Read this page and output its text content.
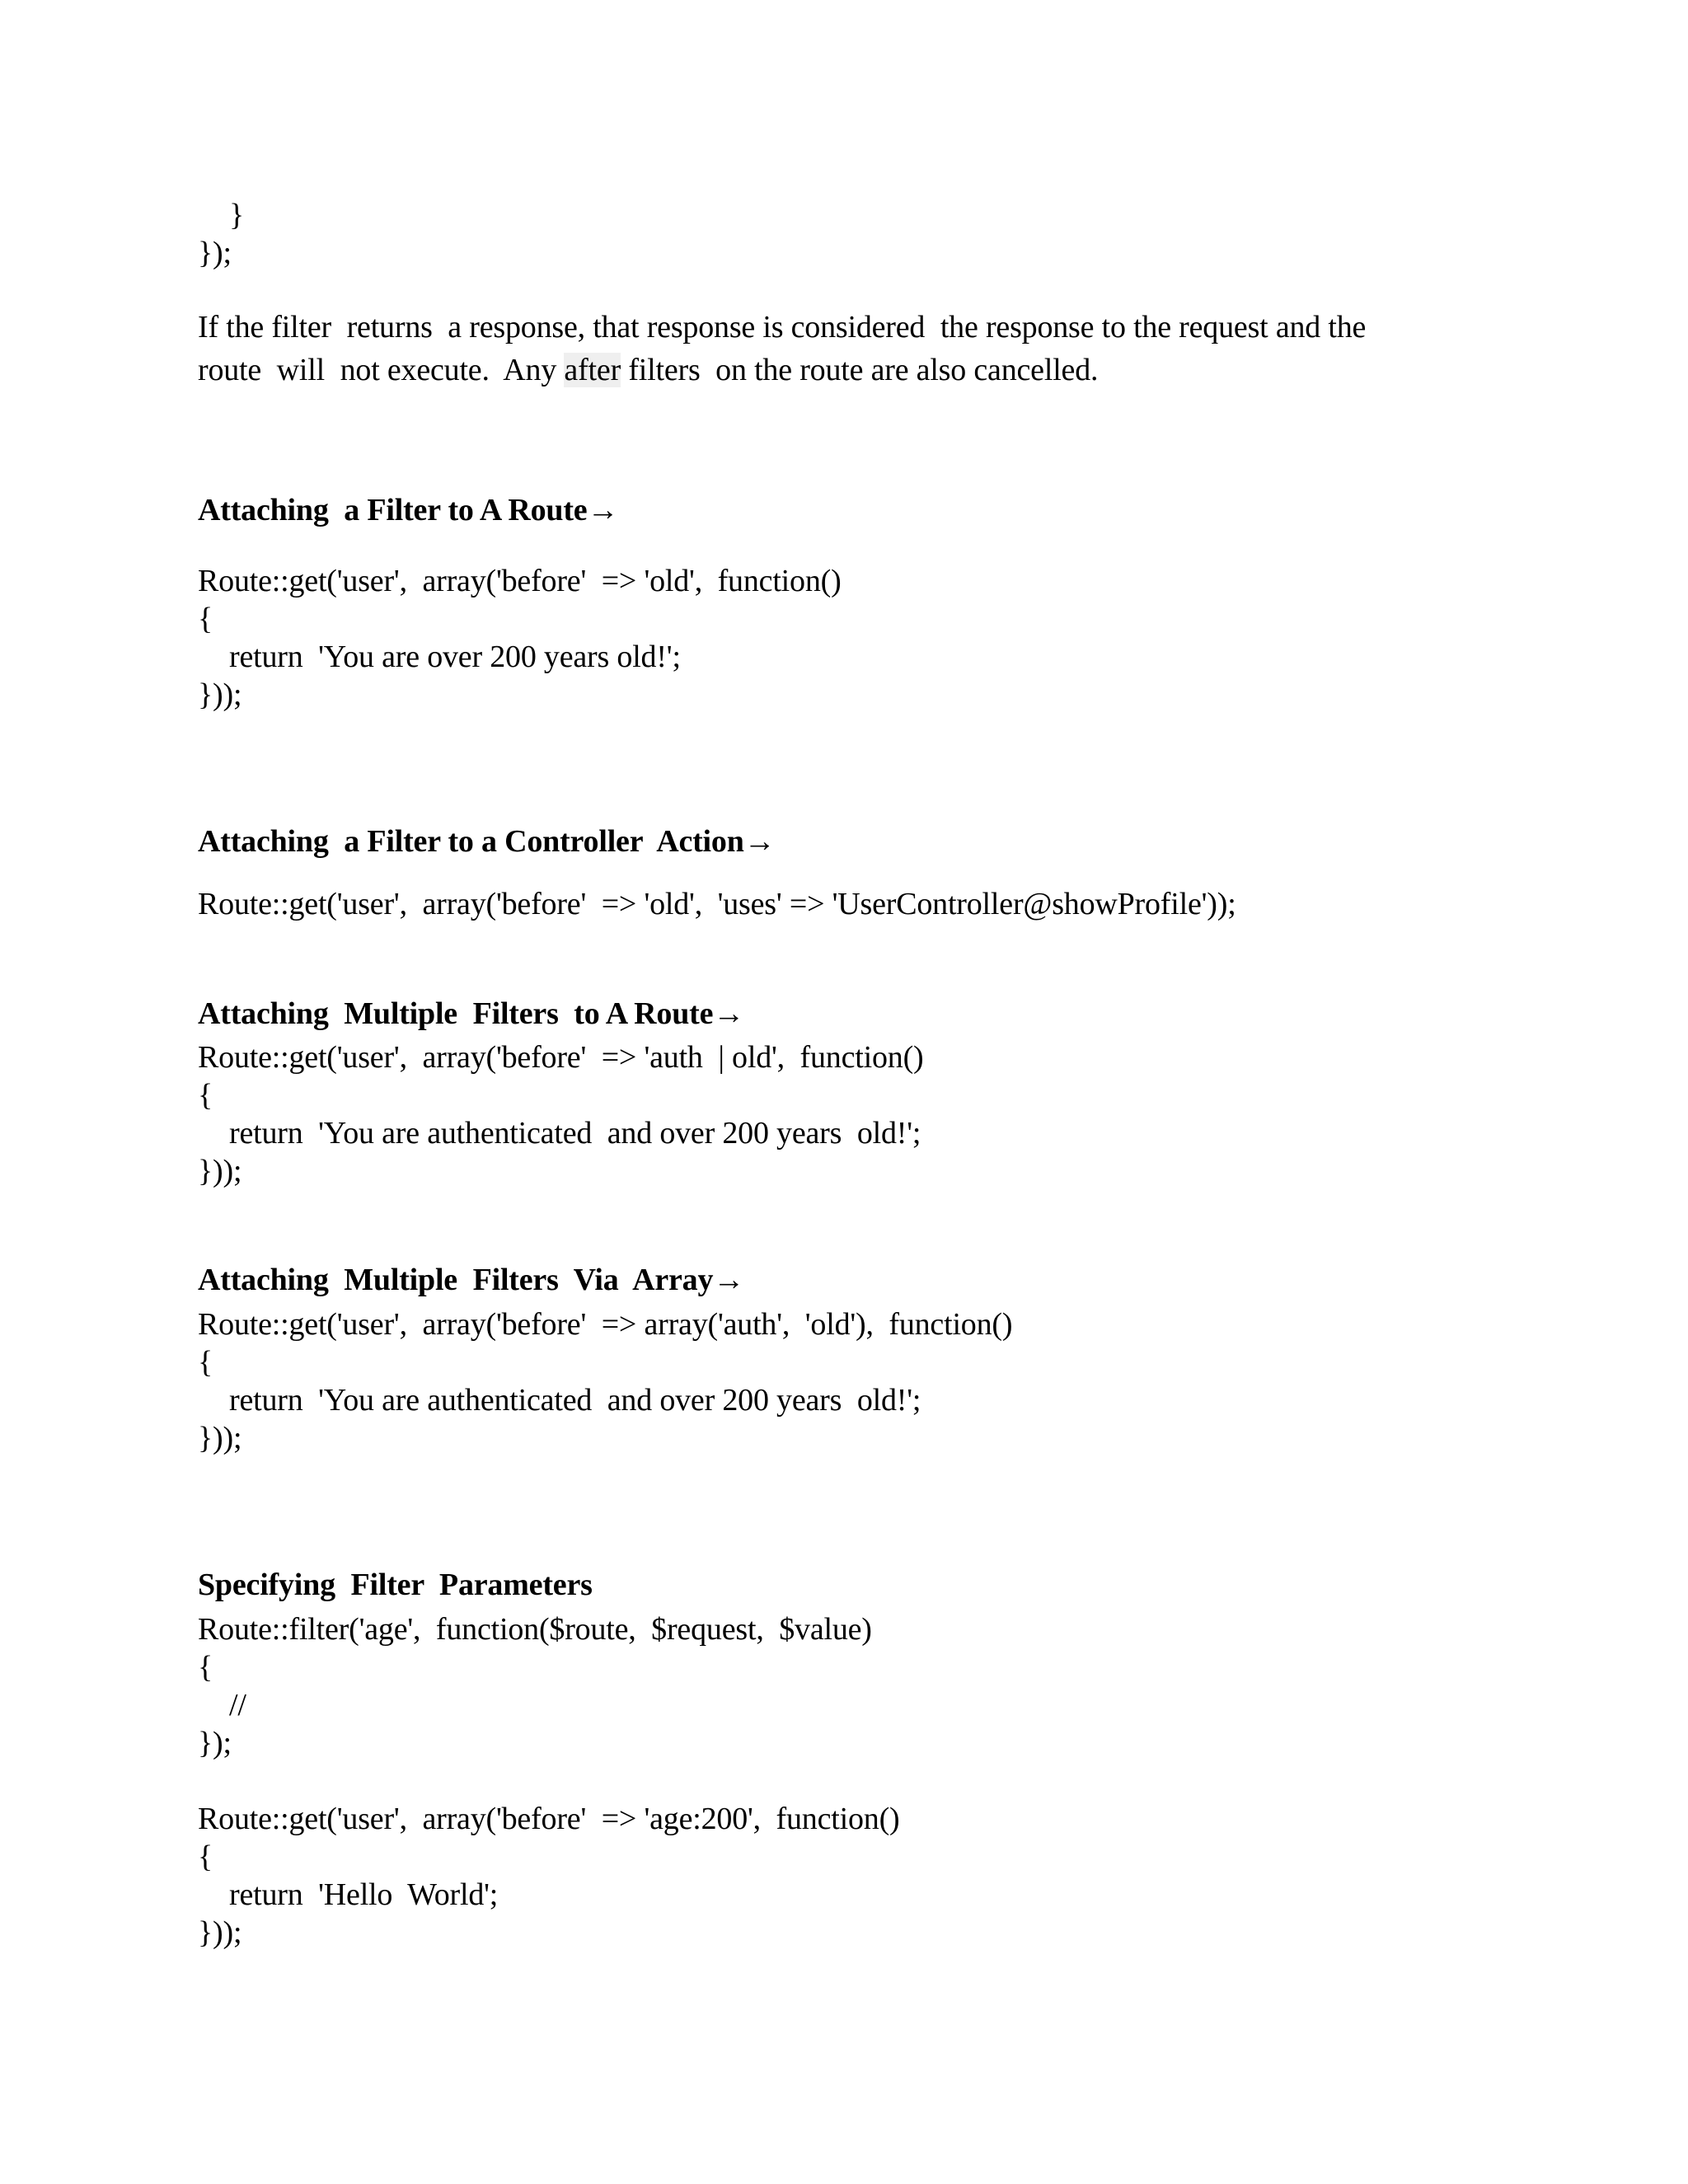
}
});
If the filter  returns  a response, that response is considered  the response to the request and the
route  will  not execute.  Any after filters  on the route are also cancelled.
Attaching  a Filter to A Route→
Route::get('user',  array('before'  => 'old',  function()
{
return  'You are over 200 years old!';
}));
Attaching  a Filter to a Controller  Action→
Route::get('user',  array('before'  => 'old',  'uses' => 'UserController@showProfile'));
Attaching  Multiple  Filters  to A Route→
Route::get('user',  array('before'  => 'auth  | old',  function()
{
return  'You are authenticated  and over 200 years  old!';
}));
Attaching  Multiple  Filters  Via  Array→
Route::get('user',  array('before'  => array('auth',  'old'),  function()
{
return  'You are authenticated  and over 200 years  old!';
}));
Specifying  Filter  Parameters
Route::filter('age',  function($route,  $request,  $value)
{
//
});
Route::get('user',  array('before'  => 'age:200',  function()
{
return  'Hello  World';
}));
